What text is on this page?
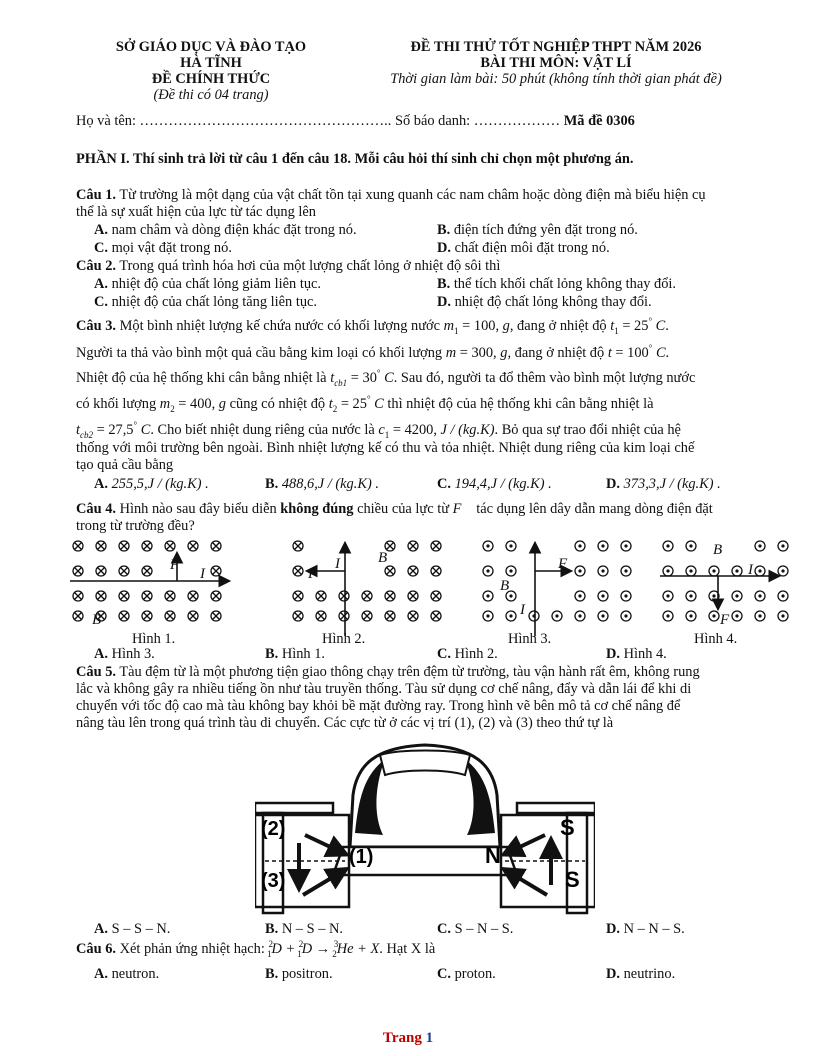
SỞ GIÁO DỤC VÀ ĐÀO TẠO
HÀ TĨNH
ĐỀ CHÍNH THỨC
(Đề thi có 04 trang)
ĐỀ THI THỬ TỐT NGHIỆP THPT NĂM 2026
BÀI THI MÔN: VẬT LÍ
Thời gian làm bài: 50 phút (không tính thời gian phát đề)
Họ và tên: …………………………………………….. Số báo danh: ……………… Mã đề 0306
PHẦN I. Thí sinh trả lời từ câu 1 đến câu 18. Mỗi câu hỏi thí sinh chỉ chọn một phương án.
Câu 1. Từ trường là một dạng của vật chất tồn tại xung quanh các nam châm hoặc dòng điện mà biểu hiện cụ
thể là sự xuất hiện của lực từ tác dụng lên
A. nam châm và dòng điện khác đặt trong nó.	B. điện tích đứng yên đặt trong nó.
C. mọi vật đặt trong nó.	D. chất điện môi đặt trong nó.
Câu 2. Trong quá trình hóa hơi của một lượng chất lỏng ở nhiệt độ sôi thì
A. nhiệt độ của chất lỏng giảm liên tục.	B. thể tích khối chất lỏng không thay đổi.
C. nhiệt độ của chất lỏng tăng liên tục.	D. nhiệt độ chất lỏng không thay đổi.
Câu 3. Một bình nhiệt lượng kế chứa nước có khối lượng nước $m_1 = 100$, g, đang ở nhiệt độ $t_1 = 25^\circ$ C.
Người ta thả vào bình một quả cầu bằng kim loại có khối lượng m = 300, g, đang ở nhiệt độ t = 100° C.
Nhiệt độ của hệ thống khi cân bằng nhiệt là $t_{cb1} = 30^\circ$ C. Sau đó, người ta đổ thêm vào bình một lượng nước
có khối lượng $m_2 = 400$, g cũng có nhiệt độ $t_2 = 25^\circ$ C thì nhiệt độ của hệ thống khi cân bằng nhiệt là
$t_{cb2} = 27,5^\circ$ C. Cho biết nhiệt dung riêng của nước là $c_1 = 4200$, J / (kg.K). Bỏ qua sự trao đổi nhiệt của hệ
thống với môi trường bên ngoài. Bình nhiệt lượng kế có thu và tỏa nhiệt. Nhiệt dung riêng của kim loại chế
tạo quả cầu bằng
A. 255,5,J / (kg.K) .	B. 488,6,J / (kg.K) .	C. 194,4,J / (kg.K) .	D. 373,3,J / (kg.K) .
Câu 4. Hình nào sau đây biểu diễn không đúng chiều của lực từ F⃗ tác dụng lên dây dẫn mang dòng điện đặt
trong từ trường đều?
F
I
B
I
F
B	F
I
B
I
F
B
Hình 1.	Hình 2.	Hình 3.	Hình 4.
A. Hình 3.	B. Hình 1.	C. Hình 2.	D. Hình 4.
Câu 5. Tàu đệm từ là một phương tiện giao thông chạy trên đệm từ trường, tàu vận hành rất êm, không rung
lắc và không gây ra nhiều tiếng ồn như tàu truyền thống. Tàu sử dụng cơ chế nâng, đẩy và dẫn lái để khi di
chuyển với tốc độ cao mà tàu không bay khỏi bề mặt đường ray. Trong hình vẽ bên mô tả cơ chế nâng để
nâng tàu lên trong quá trình tàu di chuyển. Các cực từ ở các vị trí (1), (2) và (3) theo thứ tự là
(2)
(1)
(3)
S
N
S
A. S – S – N.	B. N – S – N.	C. S – N – S.	D. N – N – S.
Câu 6. Xét phản ứng nhiệt hạch: $^2_1$D + $^2_1$D → $^3_2$He + X. Hạt X là
A. neutron.	B. positron.	C. proton.	D. neutrino.
Trang 1
